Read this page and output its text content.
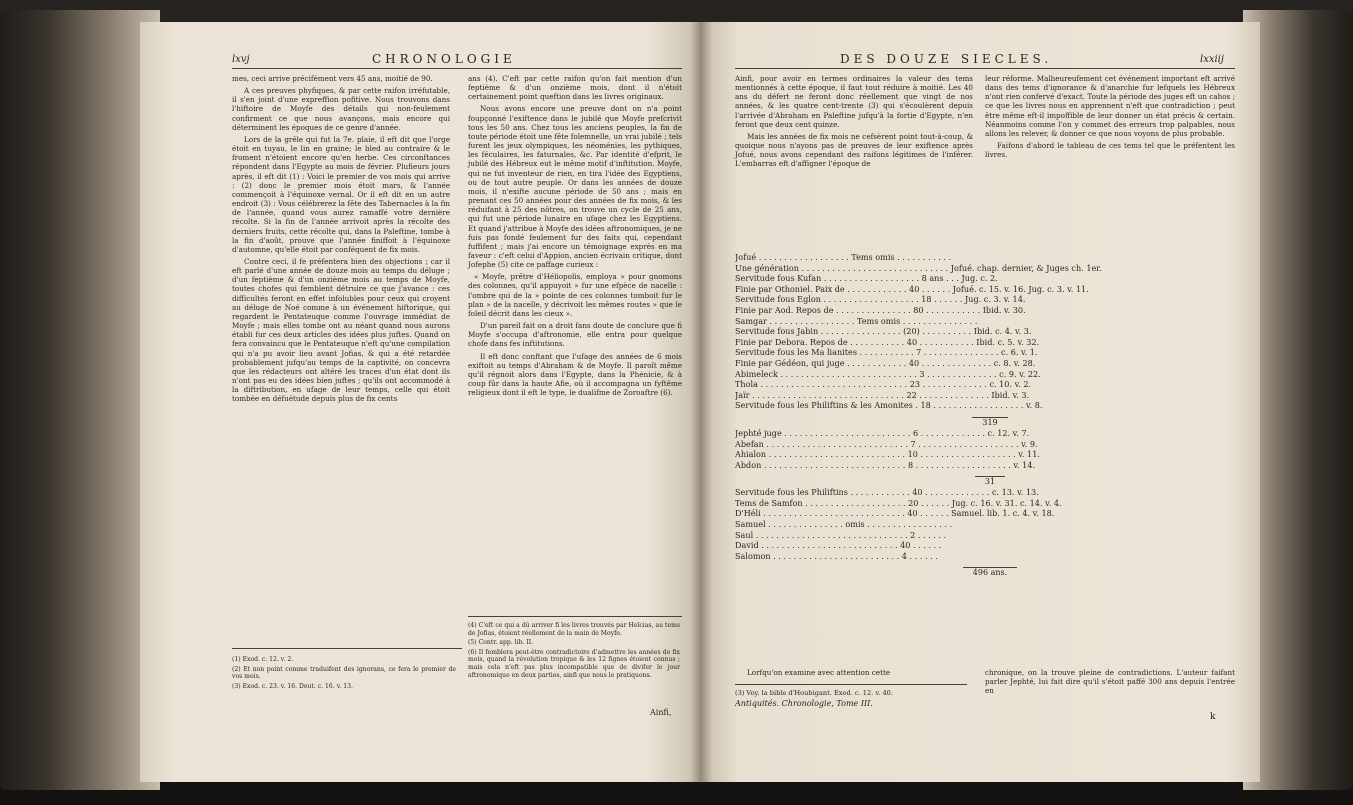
lxvj	CHRONOLOGIE

mes, ceci arrive précifément vers 45 ans, moitié de 90.

A ces preuves phyfiques, & par cette raifon irréfutable, il s'en joint d'une expreffion pofitive. Nous trouvons dans l'hiftoire de Moyfe des détails qui non-feulement confirment ce que nous avançons, mais encore qui déterminent les époques de ce genre d'année.

Lors de la grêle qui fut la 7e. plaie, il eft dit que l'orge étoit en tuyau, le lin en graine; le bled au contraire & le froment n'étoient encore qu'en herbe. Ces circonftances répondent dans l'Egypte au mois de février. Plufieurs jours après, il eft dit (1) : Voici le premier de vos mois qui arrive : (2) donc le premier mois étoit mars, & l'année commençoit à l'équinoxe vernal. Or il eft dit en un autre endroit (3) : Vous célébrerez la fête des Tabernacles à la fin de l'année, quand vous aurez ramaffé votre dernière récolte. Si la fin de l'année arrivoit après la récolte des derniers fruits, cette récolte qui, dans la Paleftine, tombe à la fin d'août, prouve que l'année finiffoit à l'équinoxe d'automne, qu'elle étoit par conféquent de fix mois.

Contre ceci, il fe préfentera bien des objections ; car il eft parlé d'une année de douze mois au temps du déluge ; d'un feptième & d'un onzième mois au temps de Moyfe, toutes chofes qui femblent détruire ce que j'avance : ces difficultés feront en effet infolubles pour ceux qui croyent au déluge de Noé comme à un événement hiftorique, qui regardent le Pentateuque comme l'ouvrage immédiat de Moyfe ; mais elles tombe ont au néant quand nous aurons établi fur ces deux articles des idées plus juftes. Quand on fera convaincu que le Pentateuque n'eft qu'une compilation qui n'a pu avoir lieu avant Jofias, & qui a été retardée probablement jufqu'au temps de la captivité, on concevra que les rédacteurs ont altéré les traces d'un état dont ils n'ont pas eu des idées bien juftes ; qu'ils ont accommodé à la diftribution, en ufage de leur temps, celle qui étoit tombée en défuétude depuis plus de fix cents

(1) Exod. c. 12. v. 2.
(2) Et non point comme traduifent des ignorans, ce fera le premier de vos mois.
(3) Exod. c. 23. v. 16. Deut. c. 16. v. 13.

ans (4). C'eft par cette raifon qu'on fait mention d'un feptième & d'un onzième mois, dont il n'étoit certainement point queftion dans les livres originaux.

Nous avons encore une preuve dont on n'a point foupçonné l'exiftence dans le jubilé que Moyfe prefcrivit tous les 50 ans. Chez tous les anciens peuples, la fin de toute période étoit une fête folemnelle, un vrai jubilé ; tels furent les jeux olympiques, les néoménies, les pythiques, les féculaires, les faturnales, &c. Par identité d'efprit, le jubilé des Hébreux eut le même motif d'inftitution. Moyfe, qui ne fut inventeur de rien, en tira l'idée des Egyptiens, ou de tout autre peuple. Or dans les années de douze mois, il n'exifte aucune période de 50 ans ; mais en prenant ces 50 années pour des années de fix mois, & les réduifant à 25 des nôtres, on trouve un cycle de 25 ans, qui fut une période lunaire en ufage chez les Egyptiens. Et quand j'attribue à Moyfe des idées aftronomiques, je ne fuis pas fondé feulement fur des faits qui, cependant fuffifent ; mais j'ai encore un témoignage exprès en ma faveur : c'eft celui d'Appion, ancien écrivain critique, dont Jofephe (5) cite ce paffage curieux :

« Moyfe, prêtre d'Héliopolis, employa » pour gnomons des colonnes, qu'il appuyoit » fur une efpèce de nacelle : l'ombre qui de la » pointe de ces colonnes tomboit fur le plan » de la nacelle, y décrivoit les mêmes routes » que le foleil décrit dans les cieux ».

D'un pareil fait on a droit fans doute de conclure que fi Moyfe s'occupa d'aftronomie, elle entra pour quelque chofe dans fes inftitutions.

Il eft donc conftant que l'ufage des années de 6 mois exiftoit au temps d'Abraham & de Moyfe. Il paroît même qu'il régnoit alors dans l'Egypte, dans la Phénicie, & à coup fûr dans la haute Afie, où il accompagna un fyftême religieux dont il eft le type, le dualifme de Zoroaftre (6).

(4) C'eft ce qui a dû arriver fi les livres trouvés par Helcias, au tems de Jofias, étoient réellement de la main de Moyfe.
(5) Contr. app. lib. II.
(6) Il femblera peut-être contradictoire d'admettre les années de fix mois, quand la révolution tropique & les 12 fignes étoient connus ; mais cela n'eft pas plus incompatible que de divifer le jour aftronomique en deux parties, ainfi que nous le pratiquons.
Ainfi,
DES DOUZE SIECLES.	lxxiij

Ainfi, pour avoir en termes ordinaires la valeur des tems mentionnés à cette époque, il faut tout réduire à moitié. Les 40 ans du défert ne feront donc réellement que vingt de nos années, & les quatre cent-trente (3) qui s'écoulèrent depuis l'arrivée d'Abraham en Paleftine jufqu'à la fortie d'Egypte, n'en feront que deux cent quinze.

Mais les années de fix mois ne cefsèrent point tout-à-coup, & quoique nous n'ayons pas de preuves de leur exiftence après Jofué, nous avons cependant des raifons légitimes de l'inférer. L'embarras eft d'affigner l'époque de

leur réforme. Malheureufement cet événement important eft arrivé dans des tems d'ignorance & d'anarchie fur lefquels les Hébreux n'ont rien confervé d'exact. Toute la période des juges eft un cahos ; ce que les livres nous en apprennent n'eft que contradiction ; peut être même eft-il impoffible de leur donner un état précis & certain. Néanmoins comme l'on y commet des erreurs trop palpables, nous allons les relever, & donner ce que nous voyons de plus probable.

Faifons d'abord le tableau de ces tems tel que le préfentent les livres.

Jofué . . . . . . . . . . . . . . . . . . Tems omis . . . . . . . . . . .
Une génération . . . . . . . . . . . . . . . . . . . . . . . . . . . . . Jofué. chap. dernier, & Juges ch. 1er.
Servitude fous Kufan . . . . . . . . . . . . . . . . . . . 8 ans . . . Jug. c. 2.
Finie par Othoniel. Paix de . . . . . . . . . . . . 40 . . . . . . Jofué. c. 15. v. 16. Jug. c. 3. v. 11.
Servitude fous Eglon . . . . . . . . . . . . . . . . . . . 18 . . . . . . Jug. c. 3. v. 14.
Finie par Aod. Repos de . . . . . . . . . . . . . . . 80 . . . . . . . . . . . Ibid. v. 30.
Samgar . . . . . . . . . . . . . . . . . Tems omis . . . . . . . . . . . . . . .
Servitude fous Jabin . . . . . . . . . . . . . . . . (20) . . . . . . . . . . Ibid. c. 4. v. 3.
Finie par Debora. Repos de . . . . . . . . . . . 40 . . . . . . . . . . . Ibid. c. 5. v. 32.
Servitude fous les Ma lianites . . . . . . . . . . . 7 . . . . . . . . . . . . . . . c. 6. v. 1.
Finie par Gédéon, qui juge . . . . . . . . . . . . 40 . . . . . . . . . . . . . . c. 8. v. 28.
Abimeleck . . . . . . . . . . . . . . . . . . . . . . . . . . . 3 . . . . . . . . . . . . . . c. 9. v. 22.
Thola . . . . . . . . . . . . . . . . . . . . . . . . . . . . . 23 . . . . . . . . . . . . . c. 10. v. 2.
Jaïr . . . . . . . . . . . . . . . . . . . . . . . . . . . . . . 22 . . . . . . . . . . . . . . Ibid. v. 3.
Servitude fous les Philiftins & les Amonites . 18 . . . . . . . . . . . . . . . . . . v. 8.
319
Jephté juge . . . . . . . . . . . . . . . . . . . . . . . . . 6 . . . . . . . . . . . . . c. 12. v. 7.
Abefan . . . . . . . . . . . . . . . . . . . . . . . . . . . . 7 . . . . . . . . . . . . . . . . . . . . v. 9.
Ahialon . . . . . . . . . . . . . . . . . . . . . . . . . . . 10 . . . . . . . . . . . . . . . . . . . v. 11.
Abdon . . . . . . . . . . . . . . . . . . . . . . . . . . . . 8 . . . . . . . . . . . . . . . . . . . v. 14.
31
Servitude fous les Philiftins . . . . . . . . . . . . 40 . . . . . . . . . . . . . c. 13. v. 13.
Tems de Samfon . . . . . . . . . . . . . . . . . . . . 20 . . . . . . Jug. c. 16. v. 31. c. 14. v. 4.
D'Héli . . . . . . . . . . . . . . . . . . . . . . . . . . . . 40 . . . . . . Samuel. lib. 1. c. 4. v. 18.
Samuel . . . . . . . . . . . . . . . omis . . . . . . . . . . . . . . . . .
Saul . . . . . . . . . . . . . . . . . . . . . . . . . . . . . . 2 . . . . . .
David . . . . . . . . . . . . . . . . . . . . . . . . . . . 40 . . . . . .
Salomon . . . . . . . . . . . . . . . . . . . . . . . . . 4 . . . . . .
496 ans.

Lorfqu'on examine avec attention cette

(3) Voy. la bible d'Houbigant. Exod. c. 12. v. 40.
Antiquités. Chronologie, Tome III.

chronique, on la trouve pleine de contradictions. L'auteur faifant parler Jephté, lui fait dire qu'il s'étoit paffé 300 ans depuis l'entrée en

k
